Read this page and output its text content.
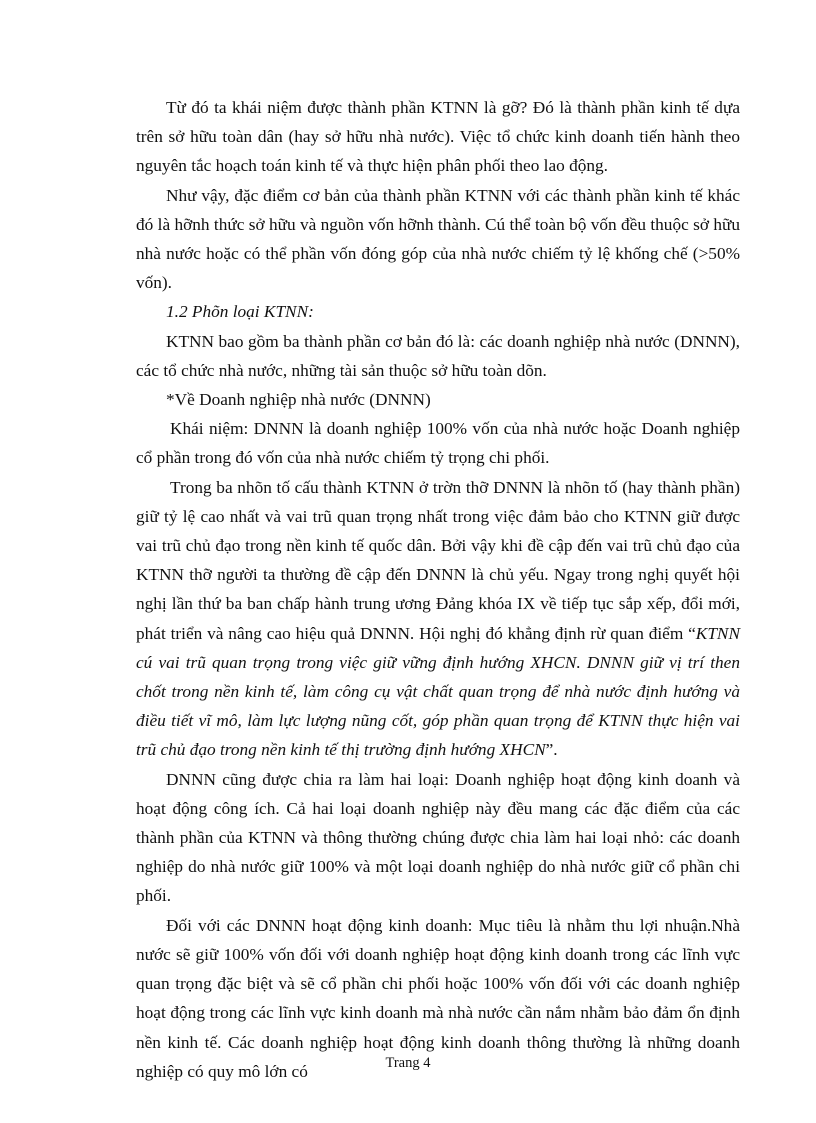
Từ đó ta khái niệm được thành phần KTNN là gỡ? Đó là thành phần kinh tế dựa trên sở hữu toàn dân (hay sở hữu nhà nước). Việc tổ chức kinh doanh tiến hành theo nguyên tắc hoạch toán kinh tế và thực hiện phân phối theo lao động.

Như vậy, đặc điểm cơ bản của thành phần KTNN với các thành phần kinh tế khác đó là hỡnh thức sở hữu và nguồn vốn hỡnh thành. Cú thể toàn bộ vốn đều thuộc sở hữu nhà nước hoặc có thể phần vốn đóng góp của nhà nước chiếm tỷ lệ khống chế (>50% vốn).

1.2 Phõn loại KTNN:

KTNN bao gồm ba thành phần cơ bản đó là: các doanh nghiệp nhà nước (DNNN), các tổ chức nhà nước, những tài sản thuộc sở hữu toàn dõn.

*Về Doanh nghiệp nhà nước (DNNN)

Khái niệm: DNNN là doanh nghiệp 100% vốn của nhà nước hoặc Doanh nghiệp cổ phần trong đó vốn của nhà nước chiếm tỷ trọng chi phối.

Trong ba nhõn tố cấu thành KTNN ở trờn thỡ DNNN là nhõn tố (hay thành phần) giữ tỷ lệ cao nhất và vai trũ quan trọng nhất trong việc đảm bảo cho KTNN giữ được vai trũ chủ đạo trong nền kinh tế quốc dân. Bởi vậy khi đề cập đến vai trũ chủ đạo của KTNN thỡ người ta thường đề cập đến DNNN là chủ yếu. Ngay trong nghị quyết hội nghị lần thứ ba ban chấp hành trung ương Đảng khóa IX về tiếp tục sắp xếp, đổi mới, phát triển và nâng cao hiệu quả DNNN. Hội nghị đó khẳng định rừ quan điểm “KTNN cú vai trũ quan trọng trong việc giữ vững định hướng XHCN. DNNN giữ vị trí then chốt trong nền kinh tế, làm công cụ vật chất quan trọng để nhà nước định hướng và điều tiết vĩ mô, làm lực lượng nũng cốt, góp phần quan trọng để KTNN thực hiện vai trũ chủ đạo trong nền kinh tế thị trường định hướng XHCN”.

DNNN cũng được chia ra làm hai loại: Doanh nghiệp hoạt động kinh doanh và hoạt động công ích. Cả hai loại doanh nghiệp này đều mang các đặc điểm của các thành phần của KTNN và thông thường chúng được chia làm hai loại nhỏ: các doanh nghiệp do nhà nước giữ 100% và một loại doanh nghiệp do nhà nước giữ cổ phần chi phối.

Đối với các DNNN hoạt động kinh doanh: Mục tiêu là nhằm thu lợi nhuận.Nhà nước sẽ giữ 100% vốn đối với doanh nghiệp hoạt động kinh doanh trong các lĩnh vực quan trọng đặc biệt và sẽ cổ phần chi phối hoặc 100% vốn đối với các doanh nghiệp hoạt động trong các lĩnh vực kinh doanh mà nhà nước cần nắm nhằm bảo đảm ổn định nền kinh tế. Các doanh nghiệp hoạt động kinh doanh thông thường là những doanh nghiệp có quy mô lớn có	Trang 4
